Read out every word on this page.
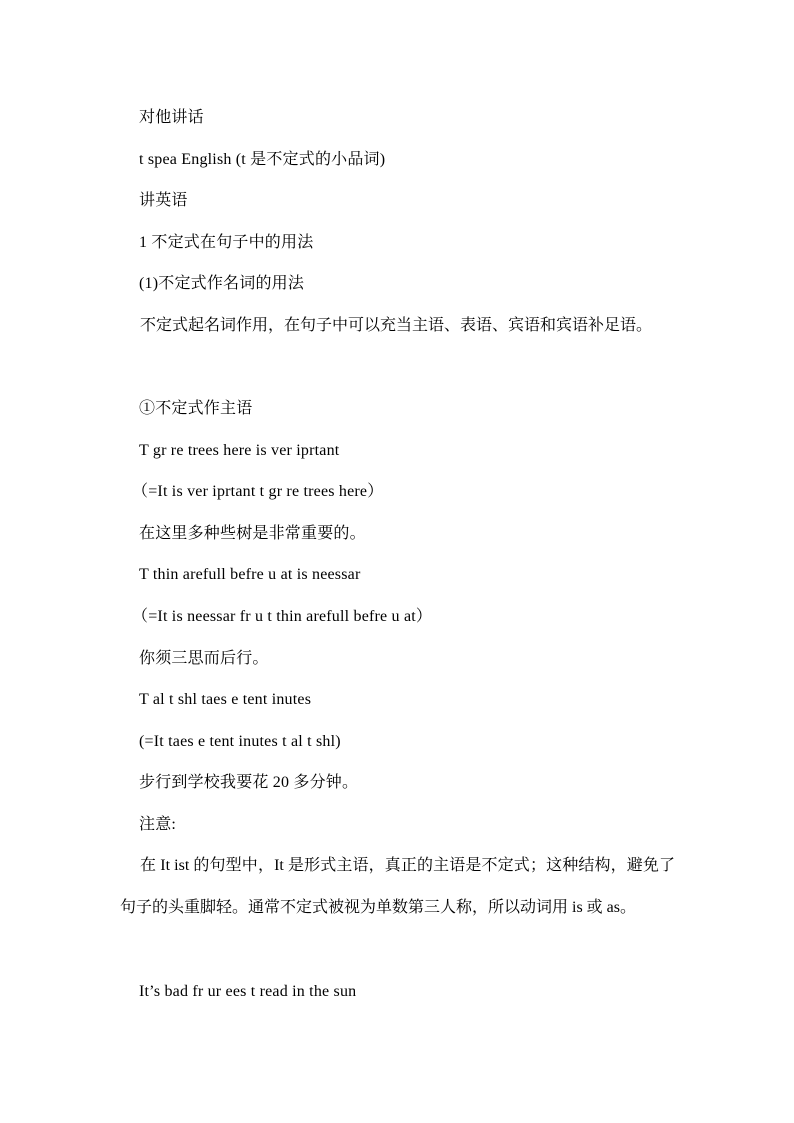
对他讲话
t spea English (t 是不定式的小品词)
讲英语
1 不定式在句子中的用法
(1)不定式作名词的用法
不定式起名词作用，在句子中可以充当主语、表语、宾语和宾语补足语。
①不定式作主语
T gr re trees here is ver iprtant
（=It is ver iprtant t gr re trees here）
在这里多种些树是非常重要的。
T thin arefull befre u at is neessar
（=It is neessar fr u t thin arefull befre u at）
你须三思而后行。
T al t shl taes e tent inutes
(=It taes e tent inutes t al t shl)
步行到学校我要花 20 多分钟。
注意:
在 It ist 的句型中，It 是形式主语，真正的主语是不定式；这种结构，避免了句子的头重脚轻。通常不定式被视为单数第三人称，所以动词用 is 或 as。
It’s bad fr ur ees t read in the sun
